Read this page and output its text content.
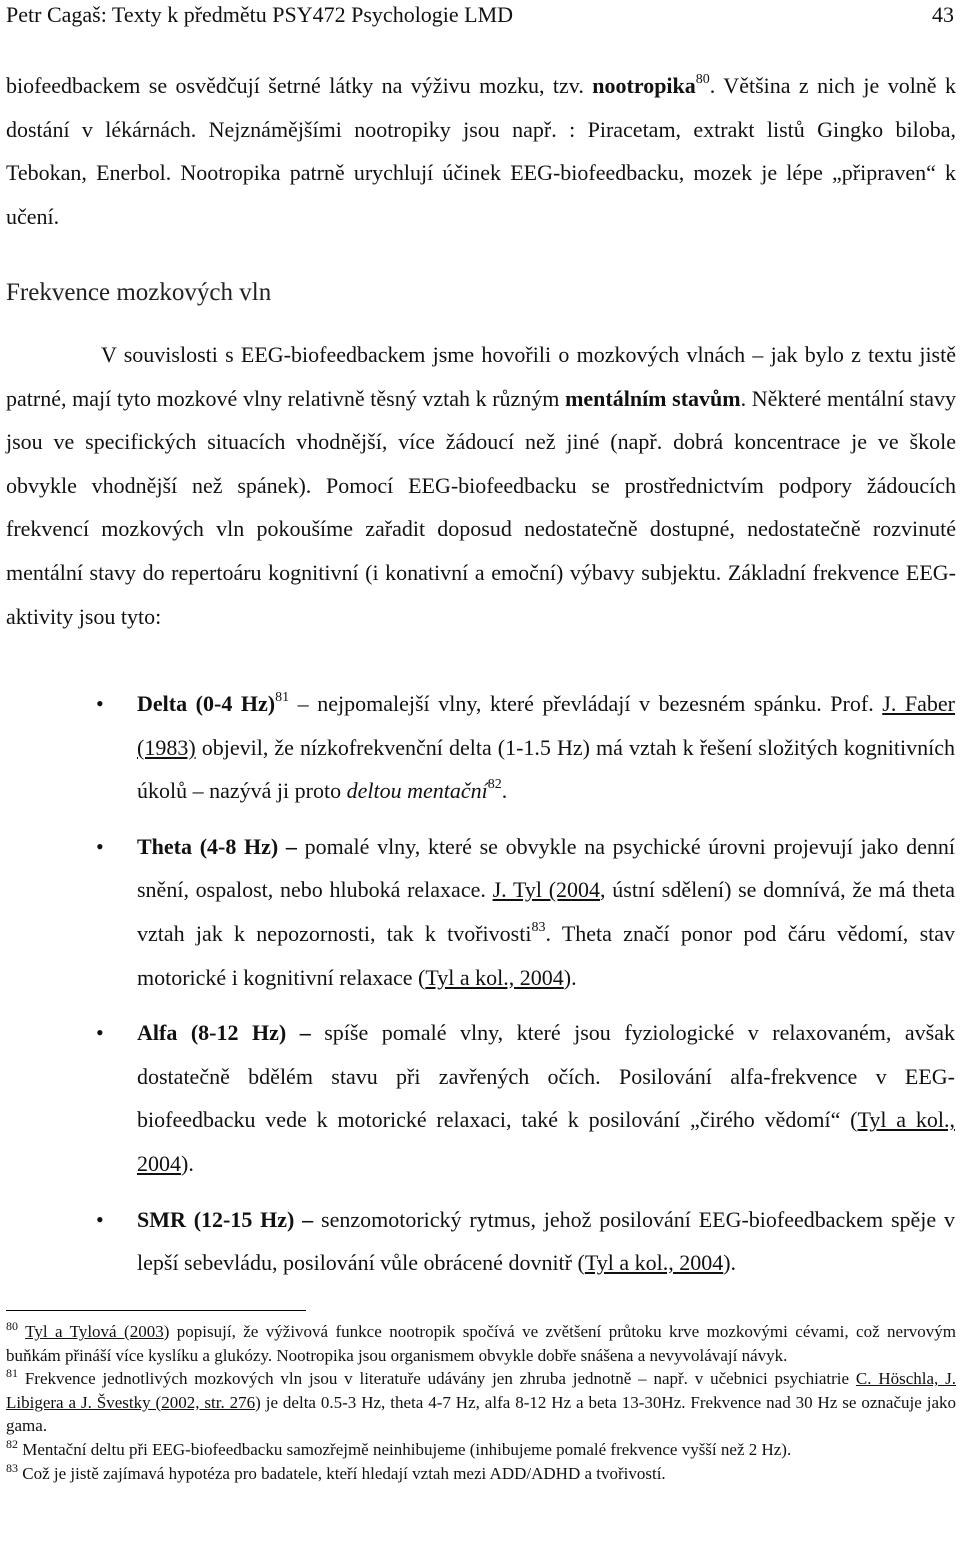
Petr Cagaš: Texty k předmětu PSY472 Psychologie LMD	43

biofeedbackem se osvědčují šetrné látky na výživu mozku, tzv. nootropika$^{80}$. Většina z nich je volně k dostání v lékárnách. Nejznámějšími nootropiky jsou např. : Piracetam, extrakt listů Gingko biloba, Tebokan, Enerbol. Nootropika patrně urychlují účinek EEG-biofeedbacku, mozek je lépe „připraven“ k učení.

Frekvence mozkových vln

V souvislosti s EEG-biofeedbackem jsme hovořili o mozkových vlnách – jak bylo z textu jistě patrné, mají tyto mozkové vlny relativně těsný vztah k různým mentálním stavům. Některé mentální stavy jsou ve specifických situacích vhodnější, více žádoucí než jiné (např. dobrá koncentrace je ve škole obvykle vhodnější než spánek). Pomocí EEG-biofeedbacku se prostřednictvím podpory žádoucích frekvencí mozkových vln pokoušíme zařadit doposud nedostatečně dostupné, nedostatečně rozvinuté mentální stavy do repertoáru kognitivní (i konativní a emoční) výbavy subjektu. Základní frekvence EEG-aktivity jsou tyto:

• Delta (0-4 Hz)$^{81}$ – nejpomalejší vlny, které převládají v bezesném spánku. Prof. J. Faber (1983) objevil, že nízkofrekvenční delta (1-1.5 Hz) má vztah k řešení složitých kognitivních úkolů – nazývá ji proto deltou mentační$^{82}$.
• Theta (4-8 Hz) – pomalé vlny, které se obvykle na psychické úrovni projevují jako denní snění, ospalost, nebo hluboká relaxace. J. Tyl (2004, ústní sdělení) se domnívá, že má theta vztah jak k nepozornosti, tak k tvořivosti$^{83}$. Theta značí ponor pod čáru vědomí, stav motorické i kognitivní relaxace (Tyl a kol., 2004).
• Alfa (8-12 Hz) – spíše pomalé vlny, které jsou fyziologické v relaxovaném, avšak dostatečně bdělém stavu při zavřených očích. Posilování alfa-frekvence v EEG-biofeedbacku vede k motorické relaxaci, také k posilování „čirého vědomí“ (Tyl a kol., 2004).
• SMR (12-15 Hz) – senzomotorický rytmus, jehož posilování EEG-biofeedbackem spěje v lepší sebevládu, posilování vůle obrácené dovnitř (Tyl a kol., 2004).

$^{80}$ Tyl a Tylová (2003) popisují, že výživová funkce nootropik spočívá ve zvětšení průtoku krve mozkovými cévami, což nervovým buňkám přináší více kyslíku a glukózy. Nootropika jsou organismem obvykle dobře snášena a nevyvolávají návyk.

$^{81}$ Frekvence jednotlivých mozkových vln jsou v literatuře udávány jen zhruba jednotně – např. v učebnici psychiatrie C. Höschla, J. Libigera a J. Švestky (2002, str. 276) je delta 0.5-3 Hz, theta 4-7 Hz, alfa 8-12 Hz a beta 13-30Hz. Frekvence nad 30 Hz se označuje jako gama.

$^{82}$ Mentační deltu při EEG-biofeedbacku samozřejmě neinhibujeme (inhibujeme pomalé frekvence vyšší než 2 Hz).

$^{83}$ Což je jistě zajímavá hypotéza pro badatele, kteří hledají vztah mezi ADD/ADHD a tvořivostí.
